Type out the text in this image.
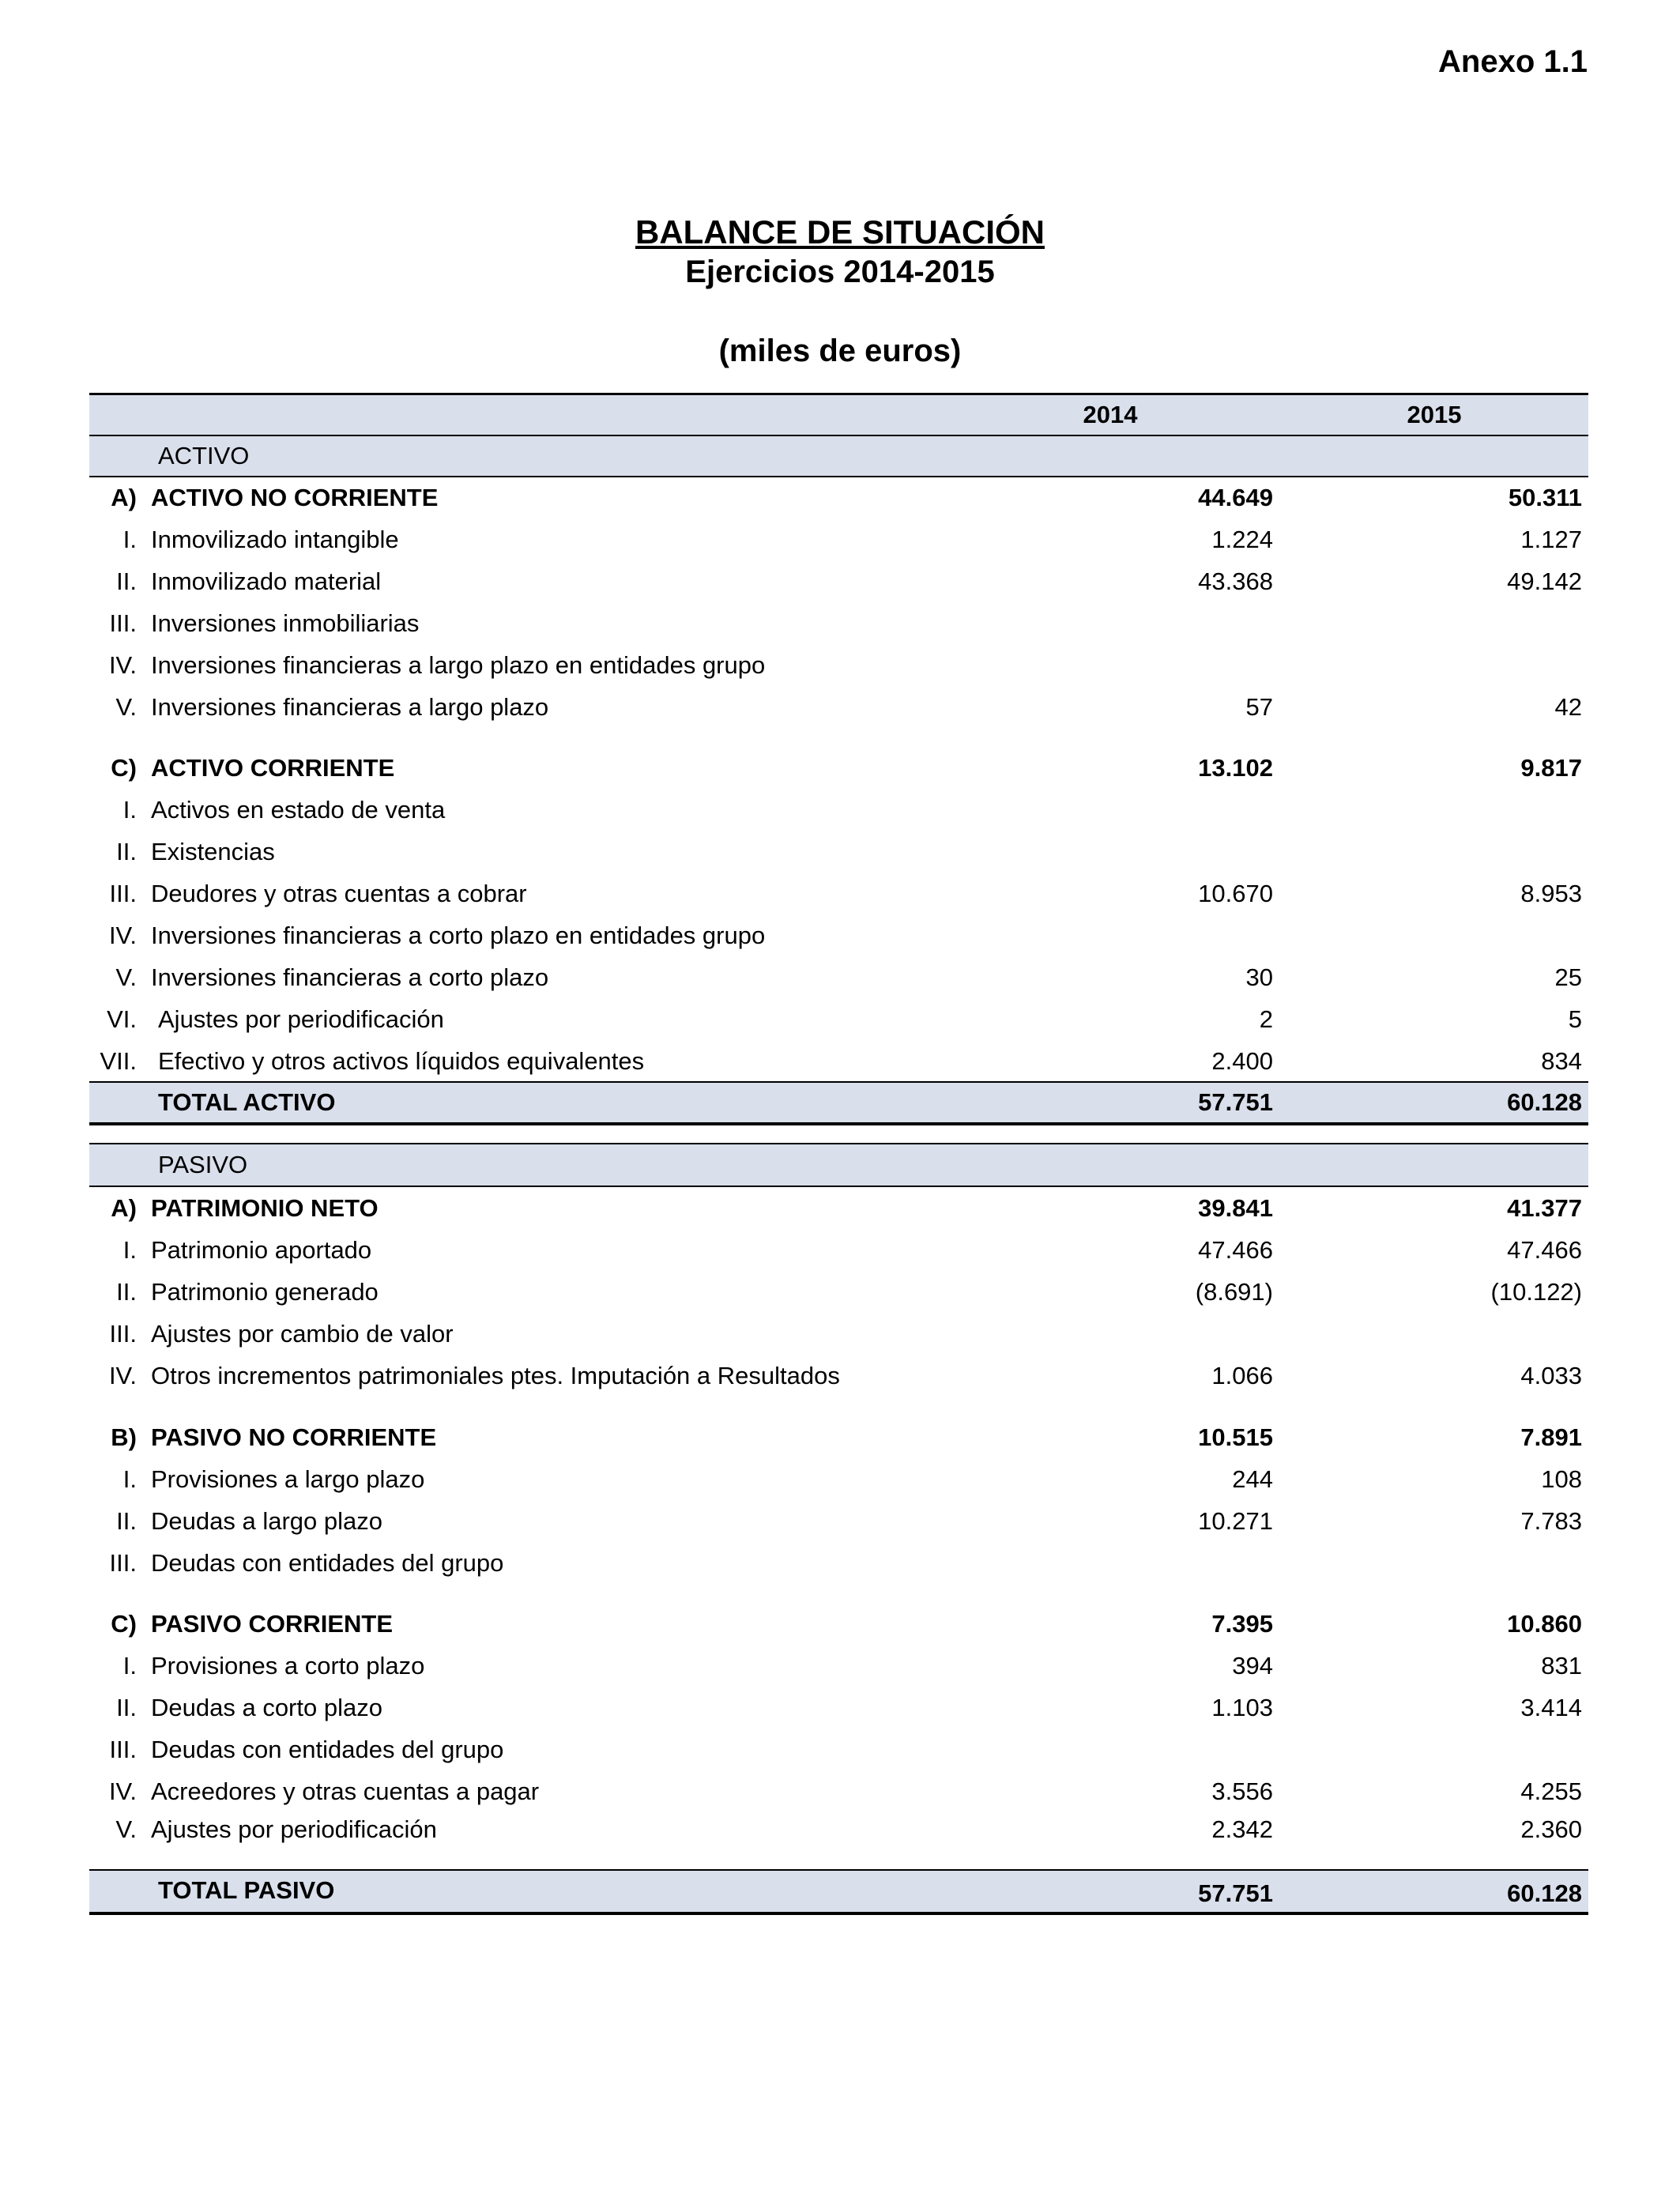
Anexo 1.1
BALANCE DE SITUACIÓN
Ejercicios 2014-2015
(miles de euros)
2014	2015
ACTIVO
A) ACTIVO NO CORRIENTE	44.649	50.311
I. Inmovilizado intangible	1.224	1.127
II. Inmovilizado material	43.368	49.142
III. Inversiones inmobiliarias
IV. Inversiones financieras a largo plazo en entidades grupo
V. Inversiones financieras a largo plazo	57	42
C) ACTIVO CORRIENTE	13.102	9.817
I. Activos en estado de venta
II. Existencias
III. Deudores y otras cuentas a cobrar	10.670	8.953
IV. Inversiones financieras a corto plazo en entidades grupo
V. Inversiones financieras a corto plazo	30	25
VI. Ajustes por periodificación	2	5
VII. Efectivo y otros activos líquidos equivalentes	2.400	834
TOTAL ACTIVO	57.751	60.128
PASIVO
A) PATRIMONIO NETO	39.841	41.377
I. Patrimonio aportado	47.466	47.466
II. Patrimonio generado	(8.691)	(10.122)
III. Ajustes por cambio de valor
IV. Otros incrementos patrimoniales ptes. Imputación a Resultados	1.066	4.033
B) PASIVO NO CORRIENTE	10.515	7.891
I. Provisiones a largo plazo	244	108
II. Deudas a largo plazo	10.271	7.783
III. Deudas con entidades del grupo
C) PASIVO CORRIENTE	7.395	10.860
I. Provisiones a corto plazo	394	831
II. Deudas a corto plazo	1.103	3.414
III. Deudas con entidades del grupo
IV. Acreedores y otras cuentas a pagar	3.556	4.255
V. Ajustes por periodificación	2.342	2.360
TOTAL PASIVO	57.751	60.128
